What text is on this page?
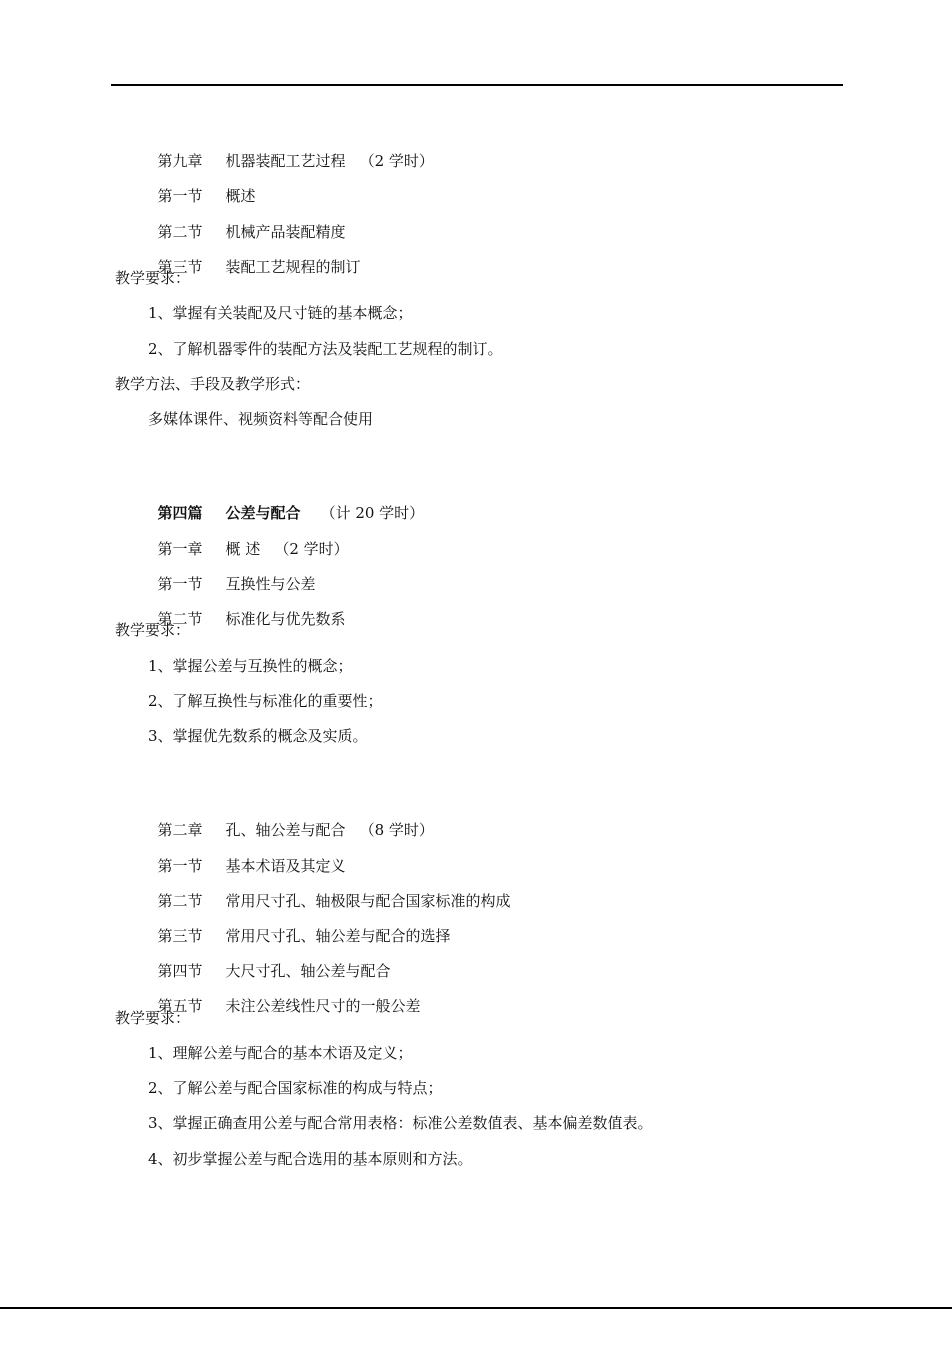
第九章 机器装配工艺过程 （2 学时）

第一节 概述

第二节 机械产品装配精度

第三节 装配工艺规程的制订

教学要求：
1、掌握有关装配及尺寸链的基本概念；
2、了解机器零件的装配方法及装配工艺规程的制订。
教学方法、手段及教学形式：
多媒体课件、视频资料等配合使用

第四篇 公差与配合 （计 20 学时）

第一章 概 述 （2 学时）

第一节 互换性与公差

第二节 标准化与优先数系

教学要求：
1、掌握公差与互换性的概念；
2、了解互换性与标准化的重要性；
3、掌握优先数系的概念及实质。

第二章 孔、轴公差与配合 （8 学时）

第一节 基本术语及其定义

第二节 常用尺寸孔、轴极限与配合国家标准的构成

第三节 常用尺寸孔、轴公差与配合的选择

第四节 大尺寸孔、轴公差与配合

第五节 未注公差线性尺寸的一般公差

教学要求：
1、理解公差与配合的基本术语及定义；
2、了解公差与配合国家标准的构成与特点；
3、掌握正确查用公差与配合常用表格：标准公差数值表、基本偏差数值表。
4、初步掌握公差与配合选用的基本原则和方法。
